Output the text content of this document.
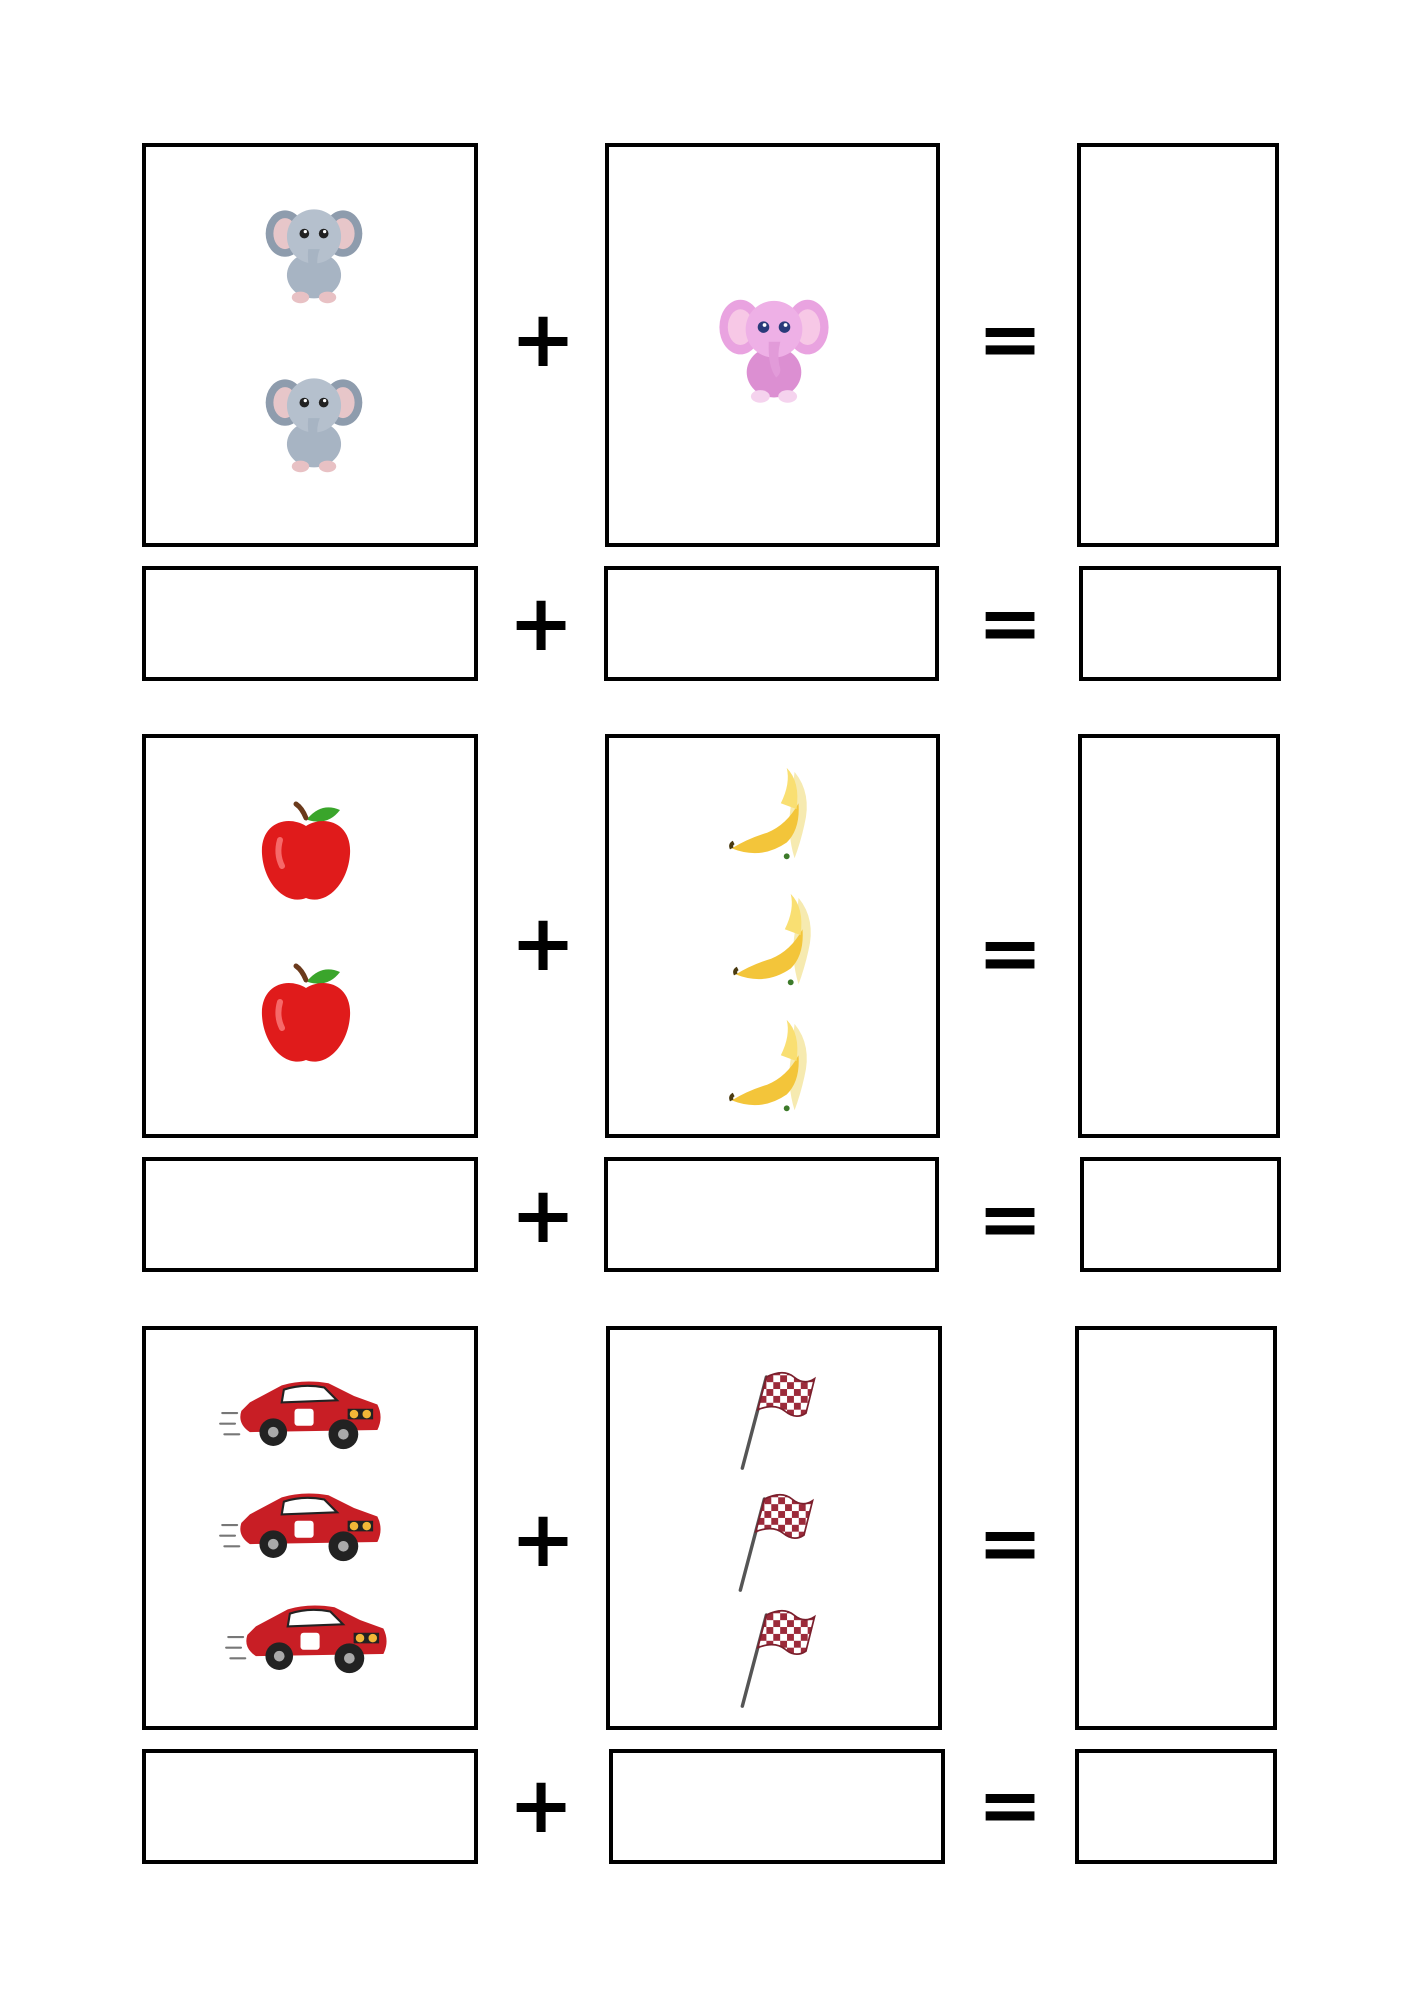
+	=
+	=
+	=
+	=
+	=
+	=
